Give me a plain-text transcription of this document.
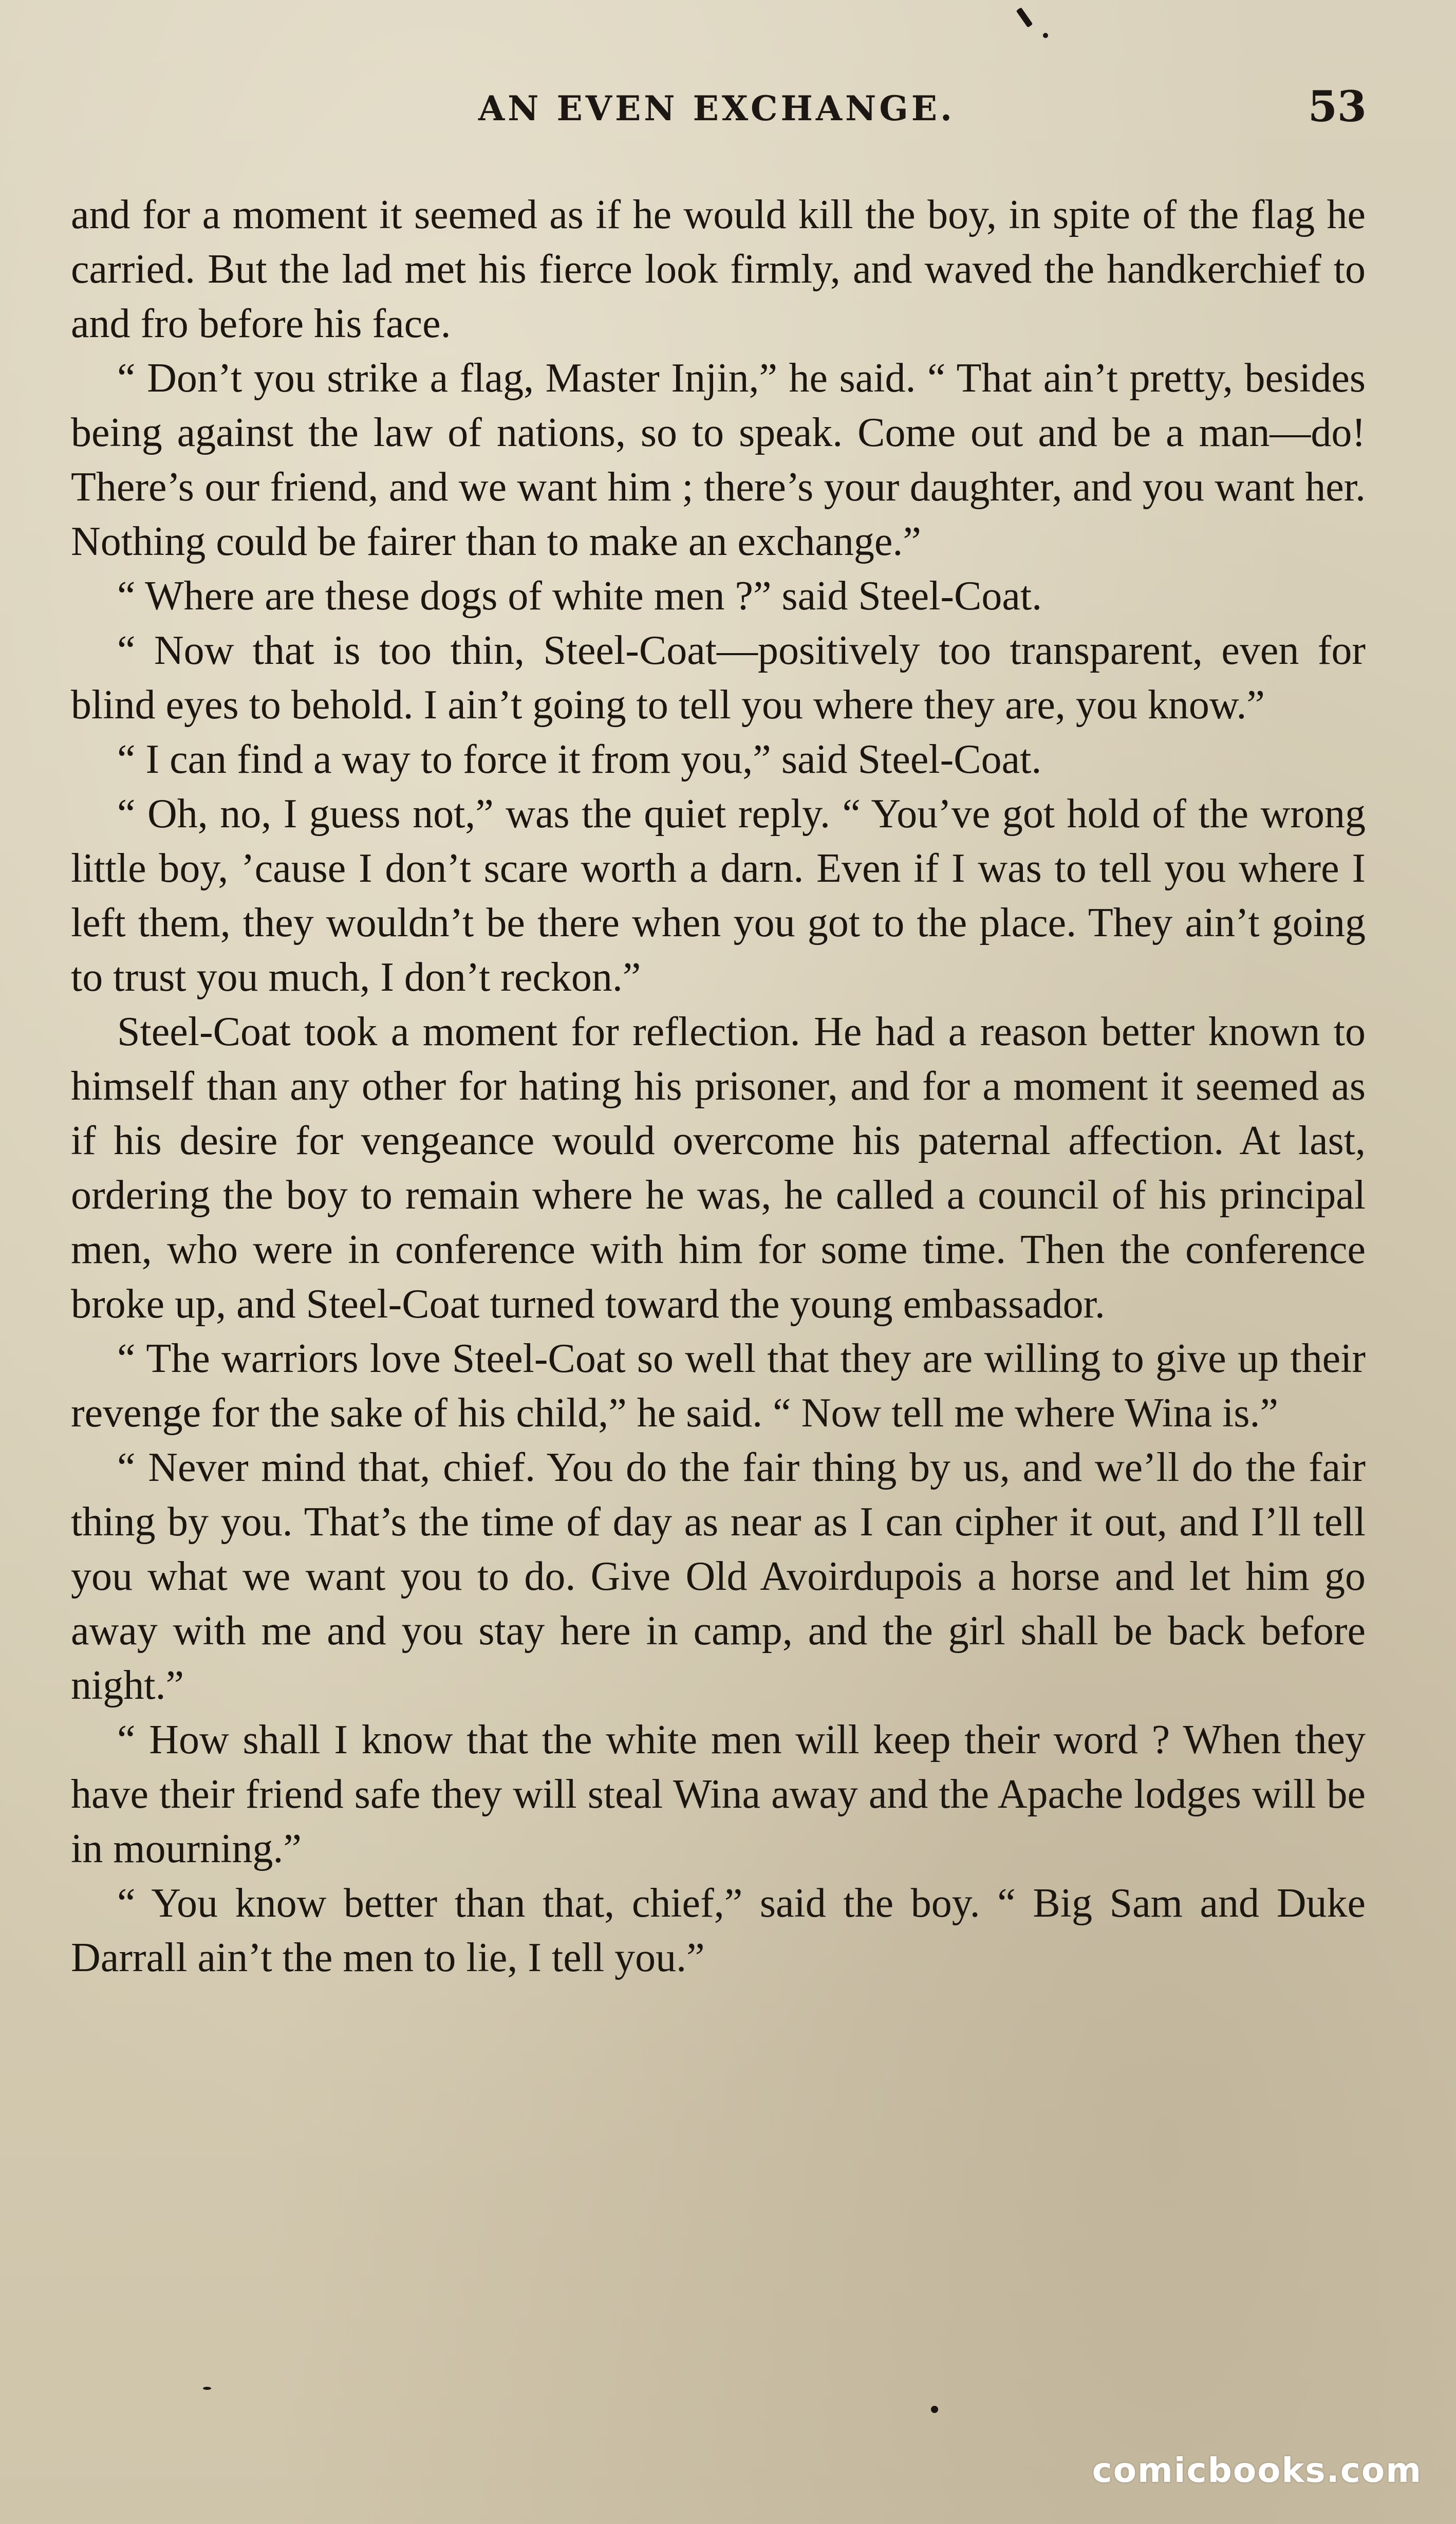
AN EVEN EXCHANGE.	53

and for a moment it seemed as if he would kill the boy, in spite of the flag he carried. But the lad met his fierce look firmly, and waved the handkerchief to and fro before his face.

“ Don’t you strike a flag, Master Injin,” he said. “ That ain’t pretty, besides being against the law of nations, so to speak. Come out and be a man—do! There’s our friend, and we want him ; there’s your daughter, and you want her. Nothing could be fairer than to make an exchange.”

“ Where are these dogs of white men ?” said Steel-Coat.

“ Now that is too thin, Steel-Coat—positively too transparent, even for blind eyes to behold. I ain’t going to tell you where they are, you know.”

“ I can find a way to force it from you,” said Steel-Coat.

“ Oh, no, I guess not,” was the quiet reply. “ You’ve got hold of the wrong little boy, ’cause I don’t scare worth a darn. Even if I was to tell you where I left them, they wouldn’t be there when you got to the place. They ain’t going to trust you much, I don’t reckon.”

Steel-Coat took a moment for reflection. He had a reason better known to himself than any other for hating his prisoner, and for a moment it seemed as if his desire for vengeance would overcome his paternal affection. At last, ordering the boy to remain where he was, he called a council of his principal men, who were in conference with him for some time. Then the conference broke up, and Steel-Coat turned toward the young embassador.

“ The warriors love Steel-Coat so well that they are willing to give up their revenge for the sake of his child,” he said. “ Now tell me where Wina is.”

“ Never mind that, chief. You do the fair thing by us, and we’ll do the fair thing by you. That’s the time of day as near as I can cipher it out, and I’ll tell you what we want you to do. Give Old Avoirdupois a horse and let him go away with me and you stay here in camp, and the girl shall be back before night.”

“ How shall I know that the white men will keep their word ? When they have their friend safe they will steal Wina away and the Apache lodges will be in mourning.”

“ You know better than that, chief,” said the boy. “ Big Sam and Duke Darrall ain’t the men to lie, I tell you.”

comicbooks.com
